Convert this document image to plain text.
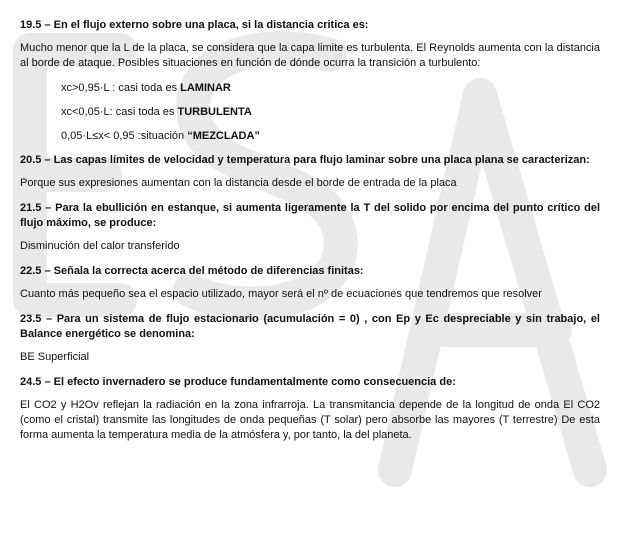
19.5 – En el flujo externo sobre una placa, si la distancia critica es:
Mucho menor que la L de la placa, se considera que la capa limite es turbulenta. El Reynolds aumenta con la distancia al borde de ataque. Posibles situaciones en función de dónde ocurra la transición a turbulento:
xc>0,95·L : casi toda es LAMINAR
xc<0,05·L: casi toda es TURBULENTA
0,05·L≤x< 0,95 :situación “MEZCLADA”
20.5 – Las capas límites de velocidad y temperatura para flujo laminar sobre una placa plana se caracterizan:
Porque sus expresiones aumentan con la distancia desde el borde de entrada de la placa
21.5 – Para la ebullición en estanque, si aumenta ligeramente la T del solido por encima del punto crítico del flujo máximo, se produce:
Disminución del calor transferido
22.5 – Señala la correcta acerca del método de diferencias finitas:
Cuanto más pequeño sea el espacio utilizado, mayor será el nº de ecuaciones que tendremos que resolver
23.5 – Para un sistema de flujo estacionario (acumulación = 0) , con Ep y Ec despreciable y sin trabajo, el Balance energético se denomina:
BE Superficial
24.5 – El efecto invernadero se produce fundamentalmente como consecuencia de:
El CO2 y H2Ov reflejan la radiación en la zona infrarroja. La transmitancia depende de la longitud de onda El CO2 (como el cristal) transmite las longitudes de onda pequeñas (T solar) pero absorbe las mayores (T terrestre) De esta forma aumenta la temperatura media de la atmósfera y, por tanto, la del planeta.
